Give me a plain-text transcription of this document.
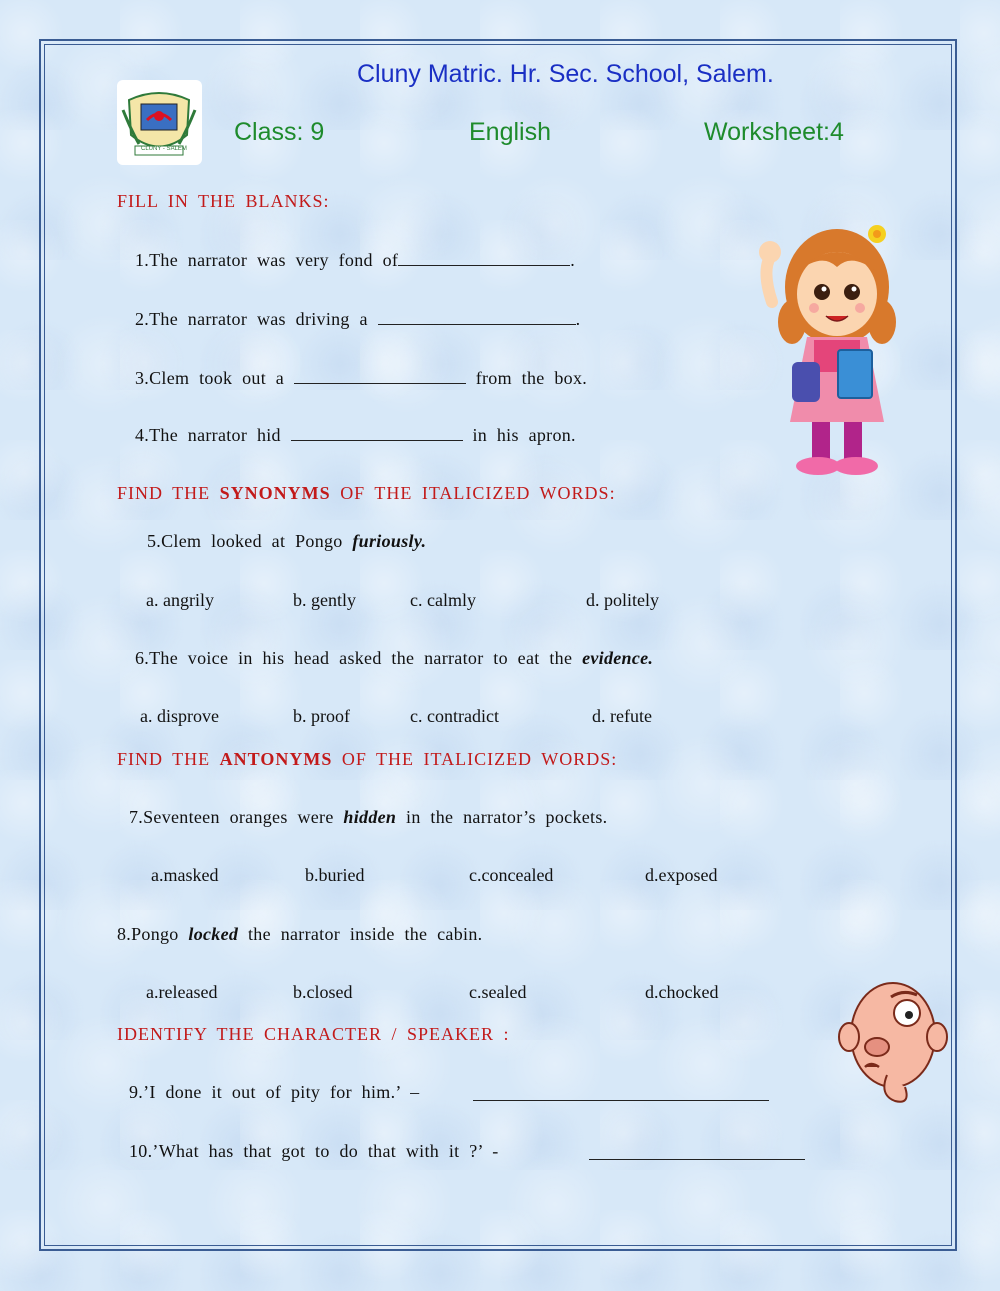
CLUNY - SALEM
Cluny Matric. Hr. Sec. School, Salem.
Class: 9	English	Worksheet:4
FILL IN THE BLANKS:
1.The narrator was very fond of	.
2.The narrator was driving a	.
3.Clem took out a	from the box.
4.The narrator hid	in his apron.
FIND THE SYNONYMS OF THE ITALICIZED WORDS:
5.Clem looked at Pongo furiously.
a. angrily	b. gently	c. calmly	d. politely
6.The voice in his head asked the narrator to eat the evidence.
a. disprove	b. proof	c. contradict	d. refute
FIND THE ANTONYMS OF THE ITALICIZED WORDS:
7.Seventeen oranges were hidden in the narrator’s pockets.
a.masked	b.buried	c.concealed	d.exposed
8.Pongo locked the narrator inside the cabin.
a.released	b.closed	c.sealed	d.chocked
IDENTIFY THE CHARACTER / SPEAKER :
9.’I done it out of pity for him.’ –
10.’What has that got to do that with it ?’ -
